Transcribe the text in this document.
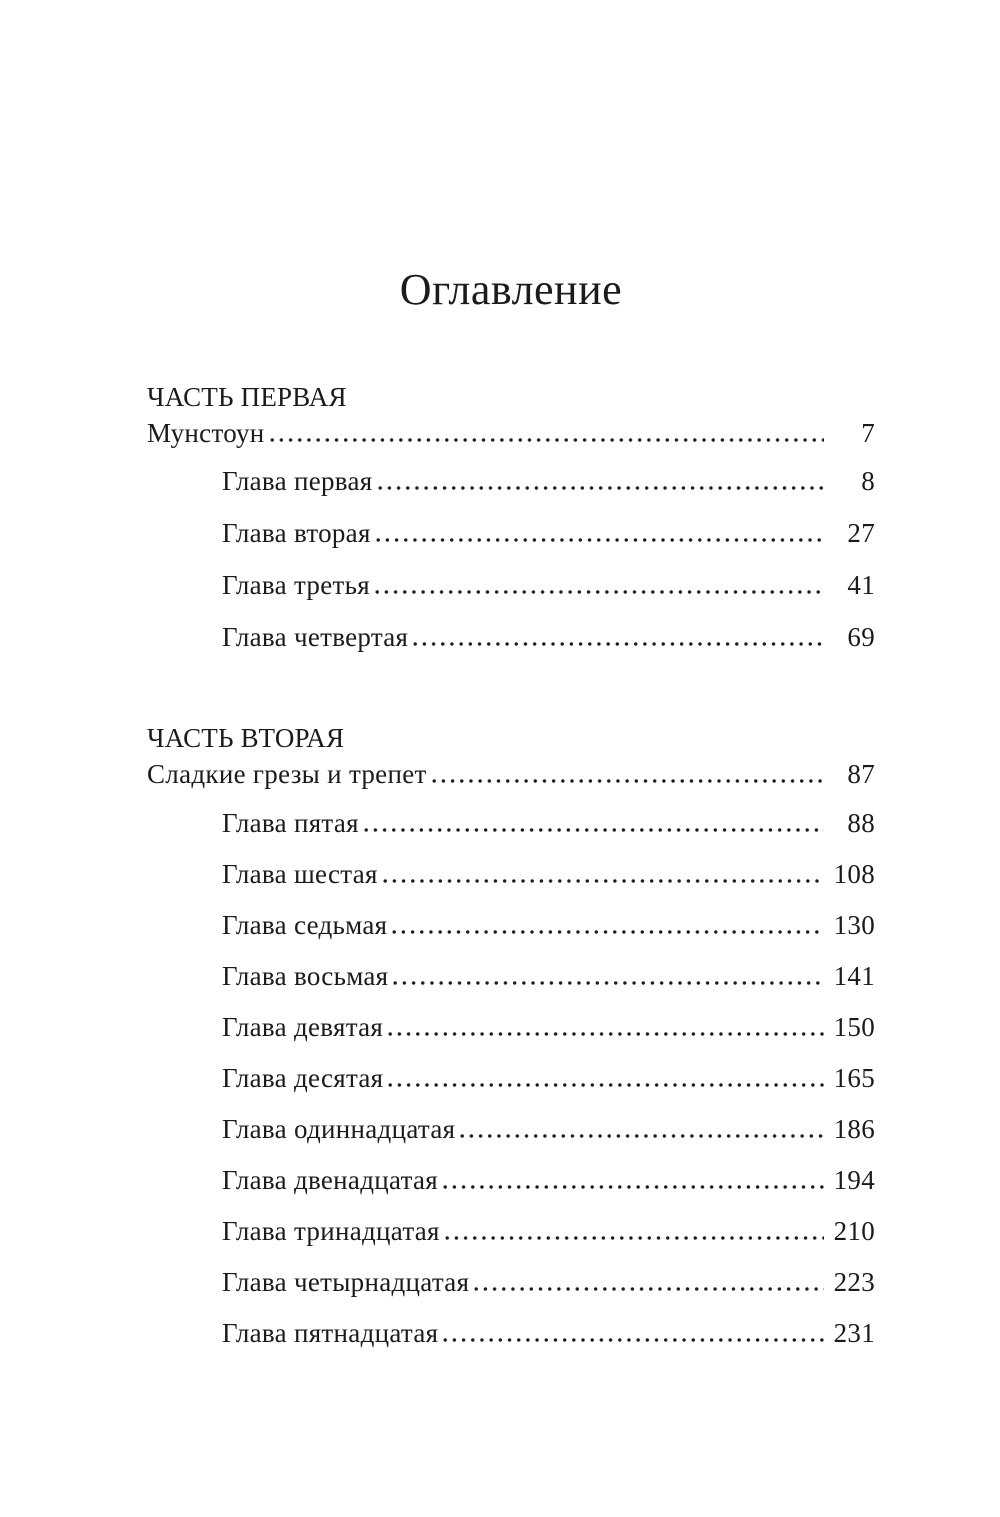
Оглавление
ЧАСТЬ ПЕРВАЯ
Мунстоун	7
Глава первая	8
Глава вторая	27
Глава третья	41
Глава четвертая	69
ЧАСТЬ ВТОРАЯ
Сладкие грезы и трепет	87
Глава пятая	88
Глава шестая	108
Глава седьмая	130
Глава восьмая	141
Глава девятая	150
Глава десятая	165
Глава одиннадцатая	186
Глава двенадцатая	194
Глава тринадцатая	210
Глава четырнадцатая	223
Глава пятнадцатая	231
